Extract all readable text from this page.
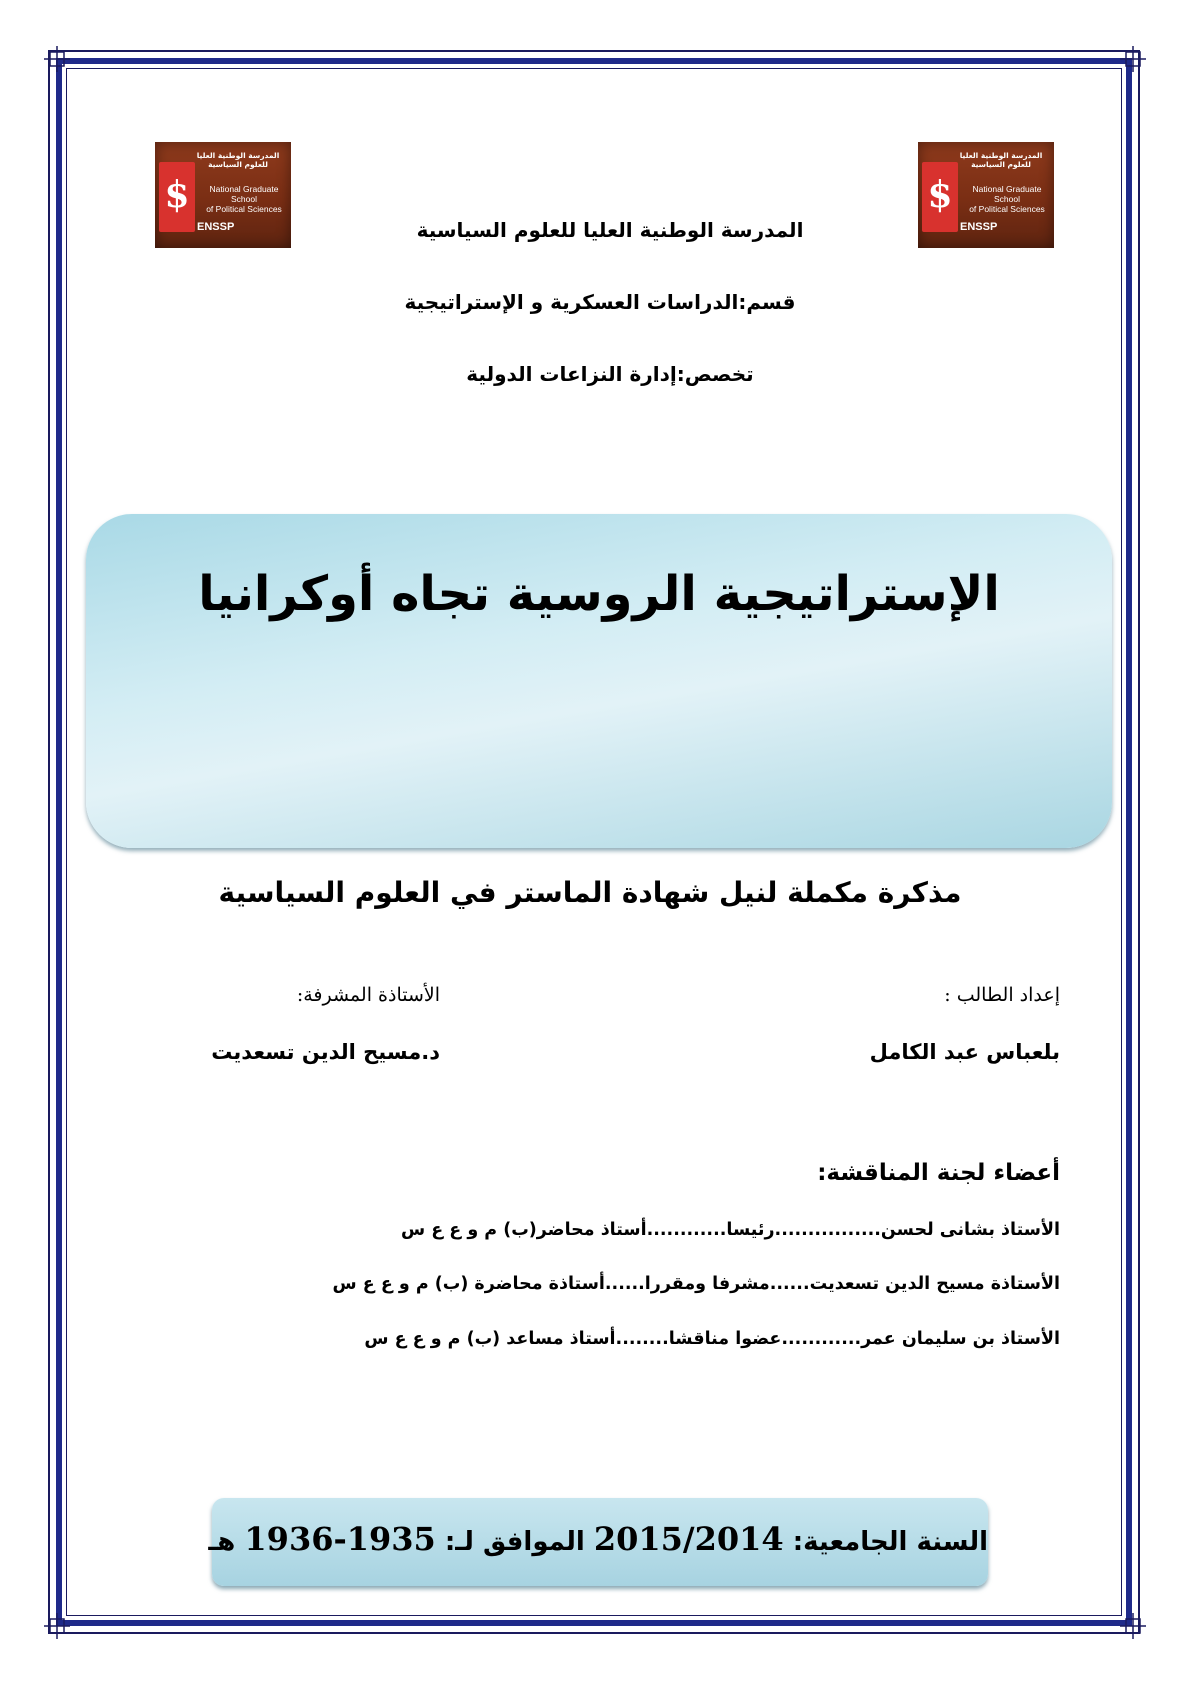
$
المدرسة الوطنية العليا
للعلوم السياسية
National Graduate School
of Political Sciences
ENSSP
$
المدرسة الوطنية العليا
للعلوم السياسية
National Graduate School
of Political Sciences
ENSSP
المدرسة الوطنية العليا للعلوم السياسية
قسم:الدراسات العسكرية و الإستراتيجية
تخصص:إدارة النزاعات الدولية
الإستراتيجية الروسية تجاه أوكرانيا
مذكرة مكملة لنيل شهادة الماستر في العلوم السياسية
إعداد الطالب :
الأستاذة المشرفة:
بلعباس عبد الكامل
د.مسيح الدين تسعديت
أعضاء لجنة المناقشة:
الأستاذ بشانى لحسن................رئيسا............أستاذ محاضر(ب) م و ع ع س
الأستاذة مسيح الدين تسعديت......مشرفا ومقررا......أستاذة محاضرة (ب) م و ع ع س
الأستاذ بن سليمان عمر............عضوا مناقشا........أستاذ مساعد (ب) م و ع ع س
السنة الجامعية: 2015/2014 الموافق لـ: 1935-1936 هـ
